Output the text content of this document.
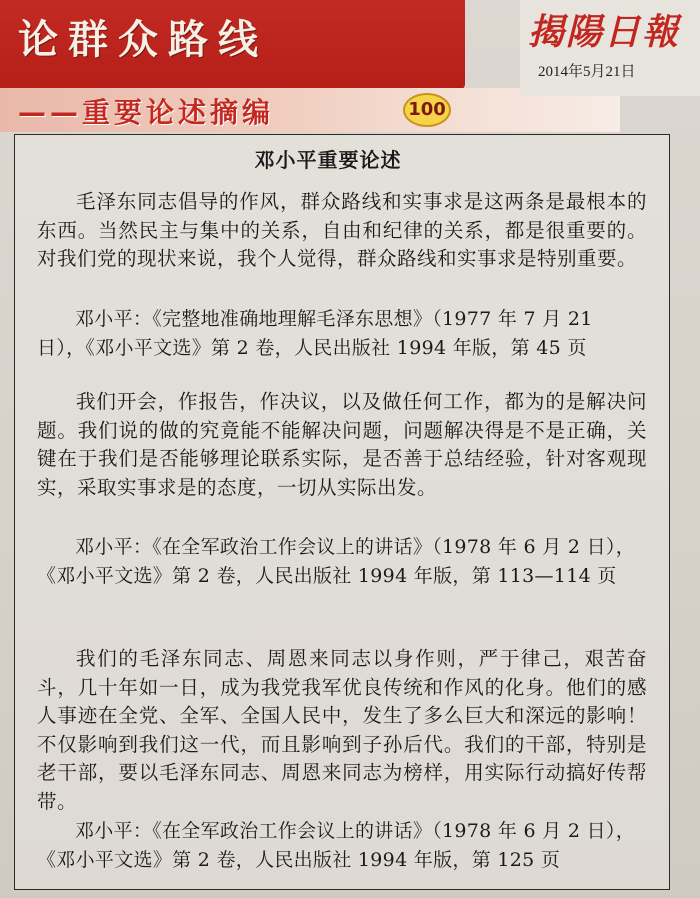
论群众路线
——重要论述摘编	100
揭陽日報
2014年5月21日
邓小平重要论述

毛泽东同志倡导的作风，群众路线和实事求是这两条是最根本的东西。当然民主与集中的关系，自由和纪律的关系，都是很重要的。对我们党的现状来说，我个人觉得，群众路线和实事求是特别重要。

邓小平：《完整地准确地理解毛泽东思想》（1977 年 7 月 21 日），《邓小平文选》第 2 卷，人民出版社 1994 年版，第 45 页

我们开会，作报告，作决议，以及做任何工作，都为的是解决问题。我们说的做的究竟能不能解决问题，问题解决得是不是正确，关键在于我们是否能够理论联系实际，是否善于总结经验，针对客观现实，采取实事求是的态度，一切从实际出发。

邓小平：《在全军政治工作会议上的讲话》（1978 年 6 月 2 日），《邓小平文选》第 2 卷，人民出版社 1994 年版，第 113—114 页

我们的毛泽东同志、周恩来同志以身作则，严于律己，艰苦奋斗，几十年如一日，成为我党我军优良传统和作风的化身。他们的感人事迹在全党、全军、全国人民中，发生了多么巨大和深远的影响！不仅影响到我们这一代，而且影响到子孙后代。我们的干部，特别是老干部，要以毛泽东同志、周恩来同志为榜样，用实际行动搞好传帮带。

邓小平：《在全军政治工作会议上的讲话》（1978 年 6 月 2 日），《邓小平文选》第 2 卷，人民出版社 1994 年版，第 125 页
